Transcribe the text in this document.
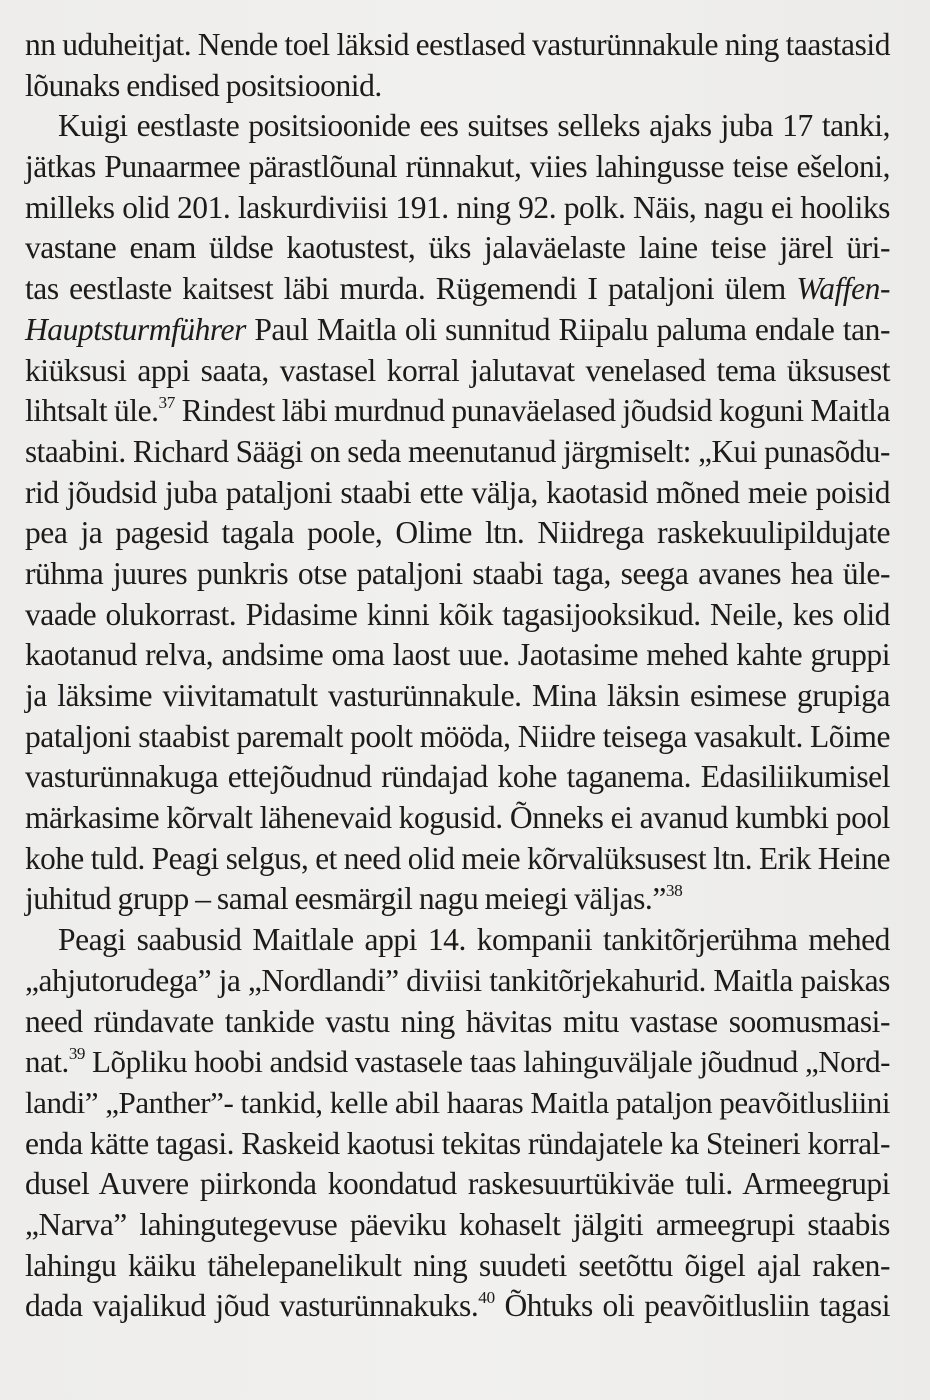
nn uduheitjat. Nende toel läksid eestlased vasturünnakule ning taastasid
lõunaks endised positsioonid.
Kuigi eestlaste positsioonide ees suitses selleks ajaks juba 17 tanki,
jätkas Punaarmee pärastlõunal rünnakut, viies lahingusse teise ešeloni,
milleks olid 201. laskurdiviisi 191. ning 92. polk. Näis, nagu ei hooliks
vastane enam üldse kaotustest, üks jalaväelaste laine teise järel üri-
tas eestlaste kaitsest läbi murda. Rügemendi I pataljoni ülem Waffen-
Hauptsturmführer Paul Maitla oli sunnitud Riipalu paluma endale tan-
kiüksusi appi saata, vastasel korral jalutavat venelased tema üksusest
lihtsalt üle.$^{37}$ Rindest läbi murdnud punaväelased jõudsid koguni Maitla
staabini. Richard Säägi on seda meenutanud järgmiselt: „Kui punasõdu-
rid jõudsid juba pataljoni staabi ette välja, kaotasid mõned meie poisid
pea ja pagesid tagala poole, Olime ltn. Niidrega raskekuulipildujate
rühma juures punkris otse pataljoni staabi taga, seega avanes hea üle-
vaade olukorrast. Pidasime kinni kõik tagasijooksikud. Neile, kes olid
kaotanud relva, andsime oma laost uue. Jaotasime mehed kahte gruppi
ja läksime viivitamatult vasturünnakule. Mina läksin esimese grupiga
pataljoni staabist paremalt poolt mööda, Niidre teisega vasakult. Lõime
vasturünnakuga ettejõudnud ründajad kohe taganema. Edasiliikumisel
märkasime kõrvalt lähenevaid kogusid. Õnneks ei avanud kumbki pool
kohe tuld. Peagi selgus, et need olid meie kõrvalüksusest ltn. Erik Heine
juhitud grupp – samal eesmärgil nagu meiegi väljas.”$^{38}$
Peagi saabusid Maitlale appi 14. kompanii tankitõrjerühma mehed
„ahjutorudega” ja „Nordlandi” diviisi tankitõrjekahurid. Maitla paiskas
need ründavate tankide vastu ning hävitas mitu vastase soomusmasi-
nat.$^{39}$ Lõpliku hoobi andsid vastasele taas lahinguväljale jõudnud „Nord-
landi” „Panther”- tankid, kelle abil haaras Maitla pataljon peavõitlusliini
enda kätte tagasi. Raskeid kaotusi tekitas ründajatele ka Steineri korral-
dusel Auvere piirkonda koondatud raskesuurtükiväe tuli. Armeegrupi
„Narva” lahingutegevuse päeviku kohaselt jälgiti armeegrupi staabis
lahingu käiku tähelepanelikult ning suudeti seetõttu õigel ajal raken-
dada vajalikud jõud vasturünnakuks.$^{40}$ Õhtuks oli peavõitlusliin tagasi
